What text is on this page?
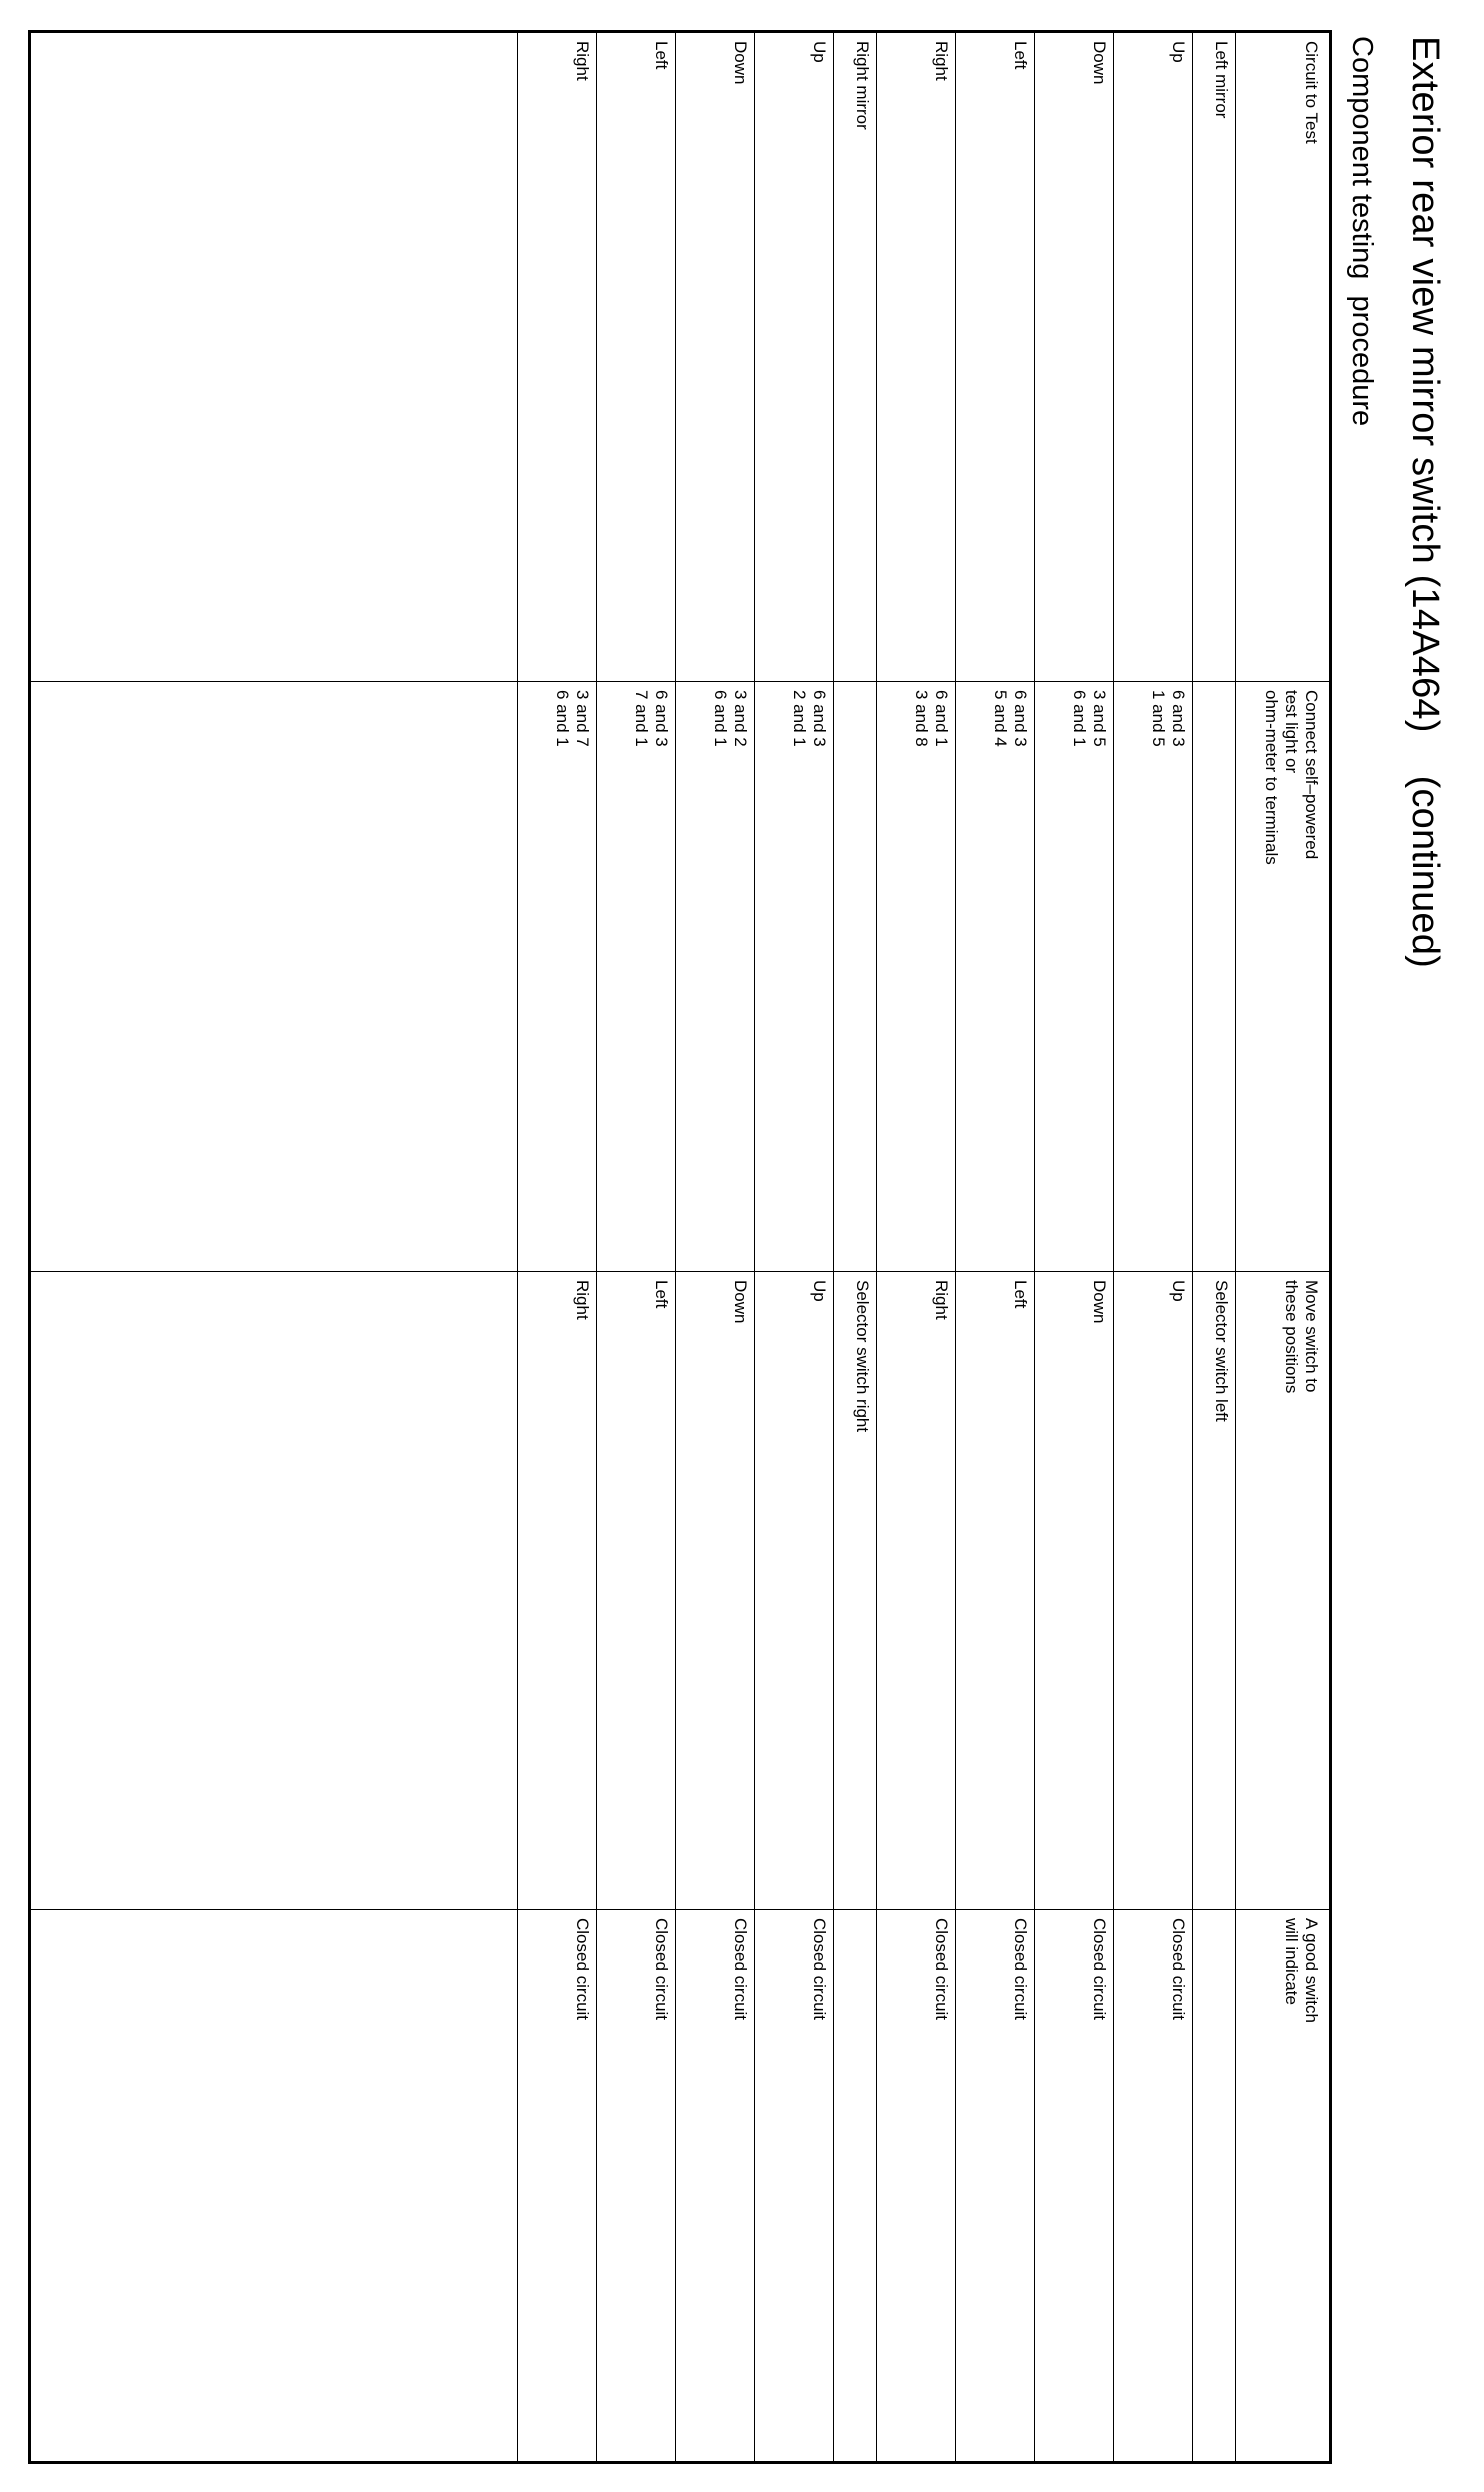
Exterior rear view mirror switch (14A464)    (continued)
Component testing  procedure
Circuit to Test	Connect self–powered
test light or
ohm-meter to terminals	Move switch to
these positions	A good switch
will indicate
Left mirror		Selector switch left	
Up	6 and 3
1 and 5	Up	Closed circuit
Down	3 and 5
6 and 1	Down	Closed circuit
Left	6 and 3
5 and 4	Left	Closed circuit
Right	6 and 1
3 and 8	Right	Closed circuit
Right mirror		Selector switch right	
Up	6 and 3
2 and 1	Up	Closed circuit
Down	3 and 2
6 and 1	Down	Closed circuit
Left	6 and 3
7 and 1	Left	Closed circuit
Right	3 and 7
6 and 1	Right	Closed circuit
